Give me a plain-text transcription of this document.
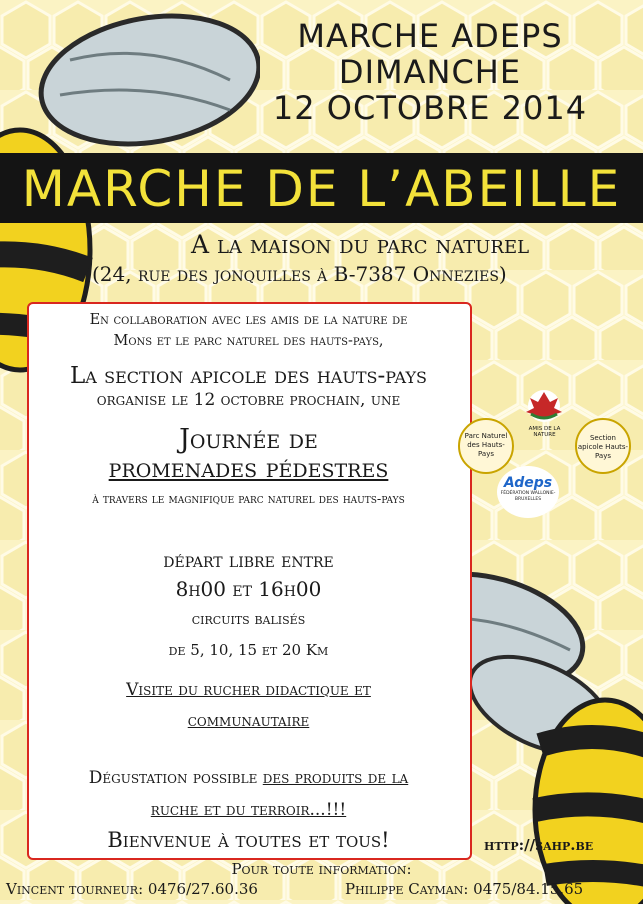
MARCHE ADEPS
DIMANCHE
12 OCTOBRE 2014
MARCHE DE L’ABEILLE
A la maison du parc naturel
(24, rue des jonquilles à B-7387 Onnezies)
En collaboration avec les amis de la nature de
Mons et le parc naturel des hauts-pays,
La section apicole des hauts-pays
organise le 12 octobre prochain, une
Journée de
promenades pédestres
à travers le magnifique parc naturel des hauts-pays
départ libre entre
8h00 et 16h00
circuits balisés
de 5, 10, 15 et 20 Km
Visite du rucher didactique et
communautaire
Dégustation possible des produits de la
ruche et du terroir...!!!
Bienvenue à toutes et tous!
Parc Naturel des Hauts-Pays
AMIS DE LA NATURE	Section apicole Hauts-Pays
Adeps
FÉDÉRATION WALLONIE-BRUXELLES
http://sahp.be
Pour toute information:
Vincent tourneur: 0476/27.60.36	Philippe Cayman: 0475/84.15.65
